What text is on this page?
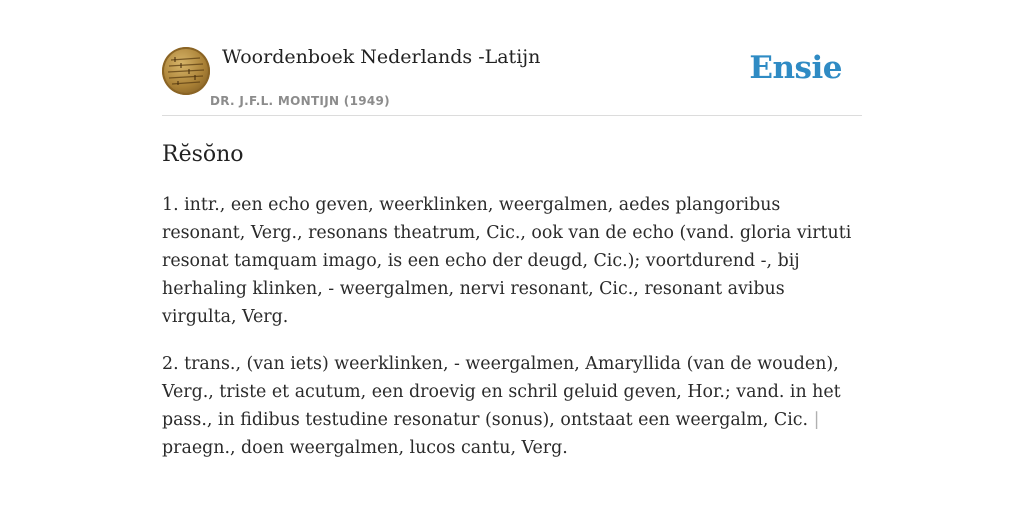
Woordenboek Nederlands -Latijn
DR. J.F.L. MONTIJN (1949)
Ensie
Rĕsŏno

1. intr., een echo geven, weerklinken, weergalmen, aedes plangoribus resonant, Verg., resonans theatrum, Cic., ook van de echo (vand. gloria virtuti resonat tamquam imago, is een echo der deugd, Cic.); voortdurend -, bij herhaling klinken, - weergalmen, nervi resonant, Cic., resonant avibus virgulta, Verg.

2. trans., (van iets) weerklinken, - weergalmen, Amaryllida (van de wouden), Verg., triste et acutum, een droevig en schril geluid geven, Hor.; vand. in het pass., in fidibus testudine resonatur (sonus), ontstaat een weergalm, Cic. | praegn., doen weergalmen, lucos cantu, Verg.
